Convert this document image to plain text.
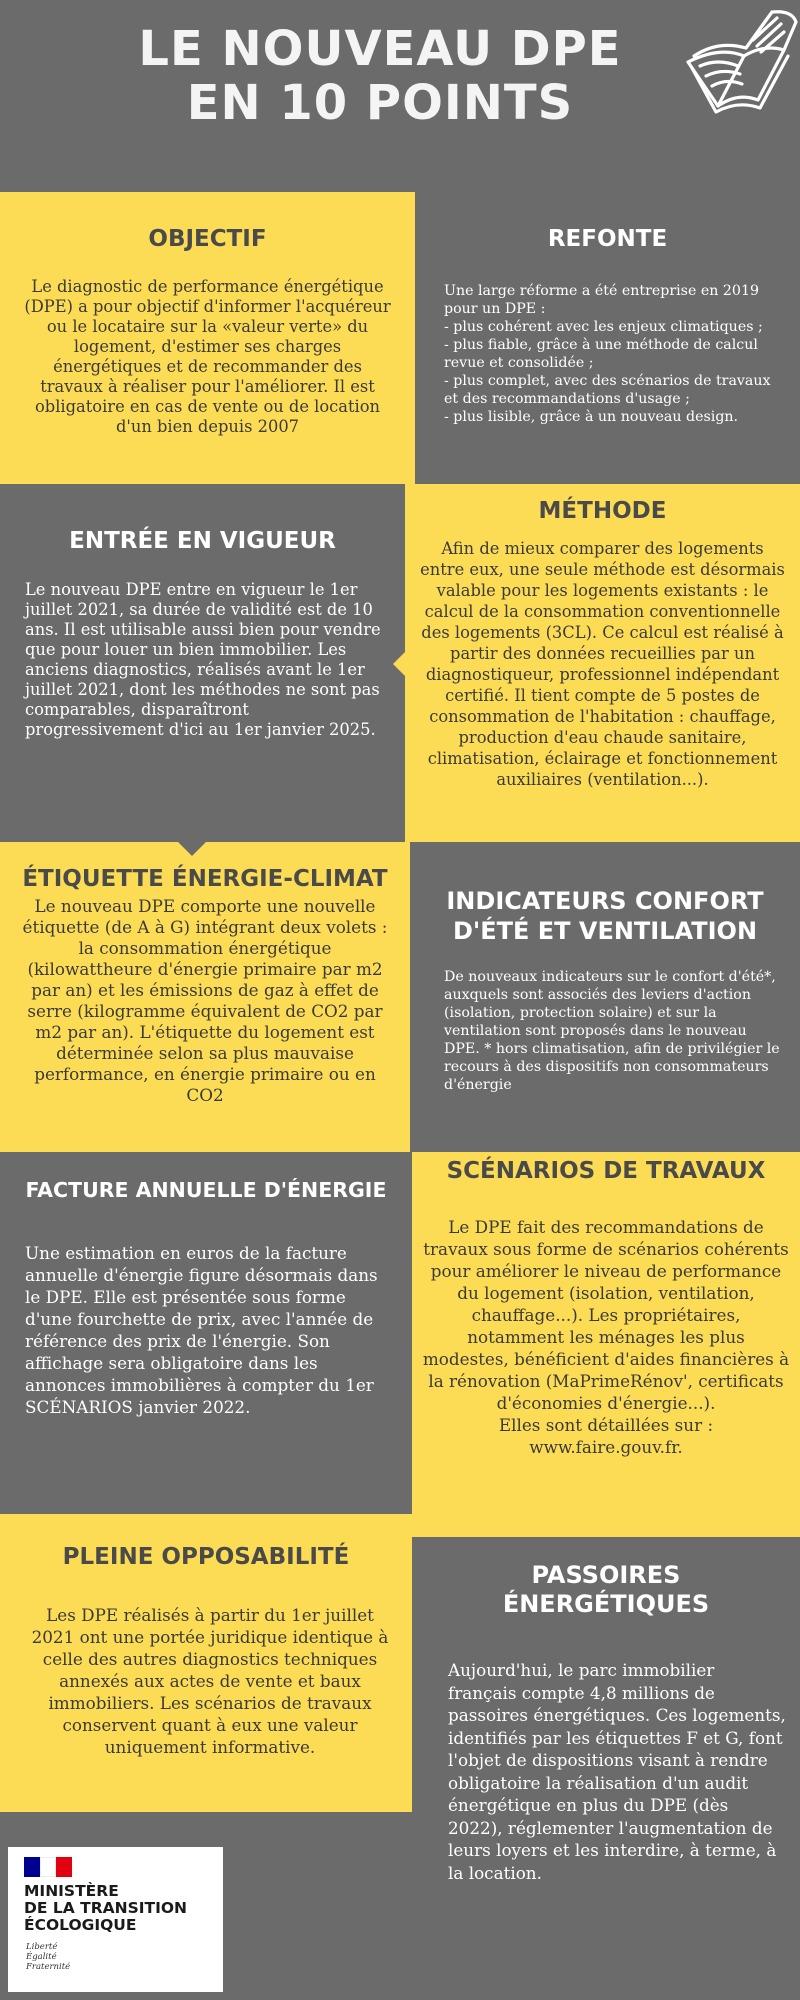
LE NOUVEAU DPE
EN 10 POINTS
OBJECTIF

Le diagnostic de performance énergétique (DPE) a pour objectif d'informer l'acquéreur ou le locataire sur la «valeur verte» du logement, d'estimer ses charges énergétiques et de recommander des travaux à réaliser pour l'améliorer. Il est obligatoire en cas de vente ou de location d'un bien depuis 2007

REFONTE

Une large réforme a été entreprise en 2019 pour un DPE :
- plus cohérent avec les enjeux climatiques ;
- plus fiable, grâce à une méthode de calcul revue et consolidée ;
- plus complet, avec des scénarios de travaux et des recommandations d'usage ;
- plus lisible, grâce à un nouveau design.

ENTRÉE EN VIGUEUR

Le nouveau DPE entre en vigueur le 1er juillet 2021, sa durée de validité est de 10 ans. Il est utilisable aussi bien pour vendre que pour louer un bien immobilier. Les anciens diagnostics, réalisés avant le 1er juillet 2021, dont les méthodes ne sont pas comparables, disparaîtront progressivement d'ici au 1er janvier 2025.

MÉTHODE

Afin de mieux comparer des logements entre eux, une seule méthode est désormais valable pour les logements existants : le calcul de la consommation conventionnelle des logements (3CL). Ce calcul est réalisé à partir des données recueillies par un diagnostiqueur, professionnel indépendant certifié. Il tient compte de 5 postes de consommation de l'habitation : chauffage, production d'eau chaude sanitaire, climatisation, éclairage et fonctionnement auxiliaires (ventilation...).

ÉTIQUETTE ÉNERGIE-CLIMAT

Le nouveau DPE comporte une nouvelle étiquette (de A à G) intégrant deux volets : la consommation énergétique (kilowattheure d'énergie primaire par m2 par an) et les émissions de gaz à effet de serre (kilogramme équivalent de CO2 par m2 par an). L'étiquette du logement est déterminée selon sa plus mauvaise performance, en énergie primaire ou en CO2

INDICATEURS CONFORT D'ÉTÉ ET VENTILATION

De nouveaux indicateurs sur le confort d'été*, auxquels sont associés des leviers d'action (isolation, protection solaire) et sur la ventilation sont proposés dans le nouveau DPE. * hors climatisation, afin de privilégier le recours à des dispositifs non consommateurs d'énergie

FACTURE ANNUELLE D'ÉNERGIE

Une estimation en euros de la facture annuelle d'énergie figure désormais dans le DPE. Elle est présentée sous forme d'une fourchette de prix, avec l'année de référence des prix de l'énergie. Son affichage sera obligatoire dans les annonces immobilières à compter du 1er SCÉNARIOS janvier 2022.

SCÉNARIOS DE TRAVAUX

Le DPE fait des recommandations de travaux sous forme de scénarios cohérents pour améliorer le niveau de performance du logement (isolation, ventilation, chauffage...). Les propriétaires, notamment les ménages les plus modestes, bénéficient d'aides financières à la rénovation (MaPrimeRénov', certificats d'économies d'énergie...).
Elles sont détaillées sur : www.faire.gouv.fr.

PLEINE OPPOSABILITÉ

Les DPE réalisés à partir du 1er juillet 2021 ont une portée juridique identique à celle des autres diagnostics techniques annexés aux actes de vente et baux immobiliers. Les scénarios de travaux conservent quant à eux une valeur uniquement informative.

PASSOIRES ÉNERGÉTIQUES

Aujourd'hui, le parc immobilier français compte 4,8 millions de passoires énergétiques. Ces logements, identifiés par les étiquettes F et G, font l'objet de dispositions visant à rendre obligatoire la réalisation d'un audit énergétique en plus du DPE (dès 2022), réglementer l'augmentation de leurs loyers et les interdire, à terme, à la location.

MINISTÈRE
DE LA TRANSITION
ÉCOLOGIQUE
Liberté
Égalité
Fraternité
